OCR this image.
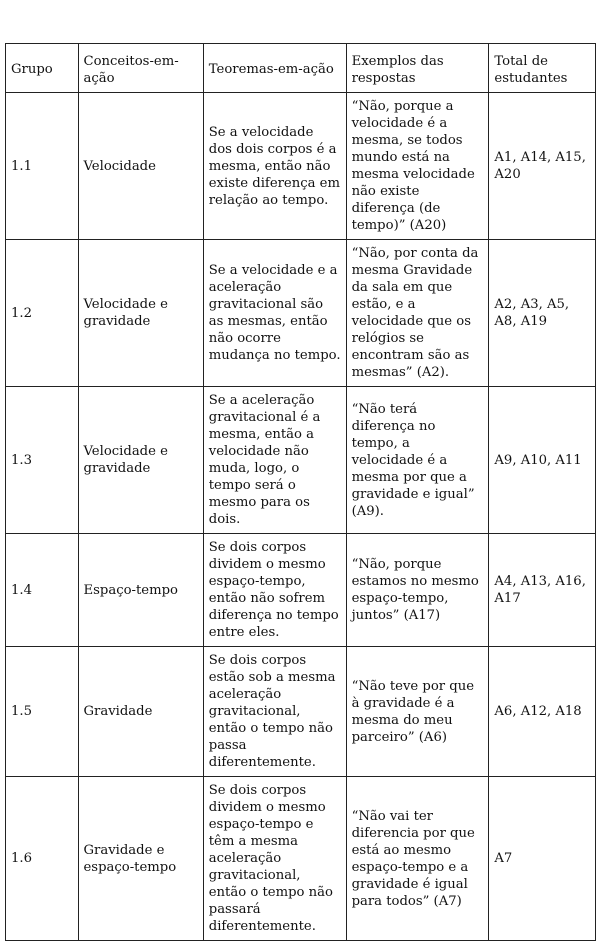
Grupo	Conceitos-em-ação	Teoremas-em-ação	Exemplos das respostas	Total de estudantes
1.1	Velocidade	Se a velocidade dos dois corpos é a mesma, então não existe diferença em relação ao tempo.	“Não, porque a velocidade é a mesma, se todos mundo está na mesma velocidade não existe diferença (de tempo)” (A20)	A1, A14, A15, A20
1.2	Velocidade e gravidade	Se a velocidade e a aceleração gravitacional são as mesmas, então não ocorre mudança no tempo.	“Não, por conta da mesma Gravidade da sala em que estão, e a velocidade que os relógios se encontram são as mesmas” (A2).	A2, A3, A5, A8, A19
1.3	Velocidade e gravidade	Se a aceleração gravitacional é a mesma, então a velocidade não muda, logo, o tempo será o mesmo para os dois.	“Não terá diferença no tempo, a velocidade é a mesma por que a gravidade e igual” (A9).	A9, A10, A11
1.4	Espaço-tempo	Se dois corpos dividem o mesmo espaço-tempo, então não sofrem diferença no tempo entre eles.	“Não, porque estamos no mesmo espaço-tempo, juntos” (A17)	A4, A13, A16, A17
1.5	Gravidade	Se dois corpos estão sob a mesma aceleração gravitacional, então o tempo não passa diferentemente.	“Não teve por que à gravidade é a mesma do meu parceiro” (A6)	A6, A12, A18
1.6	Gravidade e espaço-tempo	Se dois corpos dividem o mesmo espaço-tempo e têm a mesma aceleração gravitacional, então o tempo não passará diferentemente.	“Não vai ter diferencia por que está ao mesmo espaço-tempo e a gravidade é igual para todos” (A7)	A7
